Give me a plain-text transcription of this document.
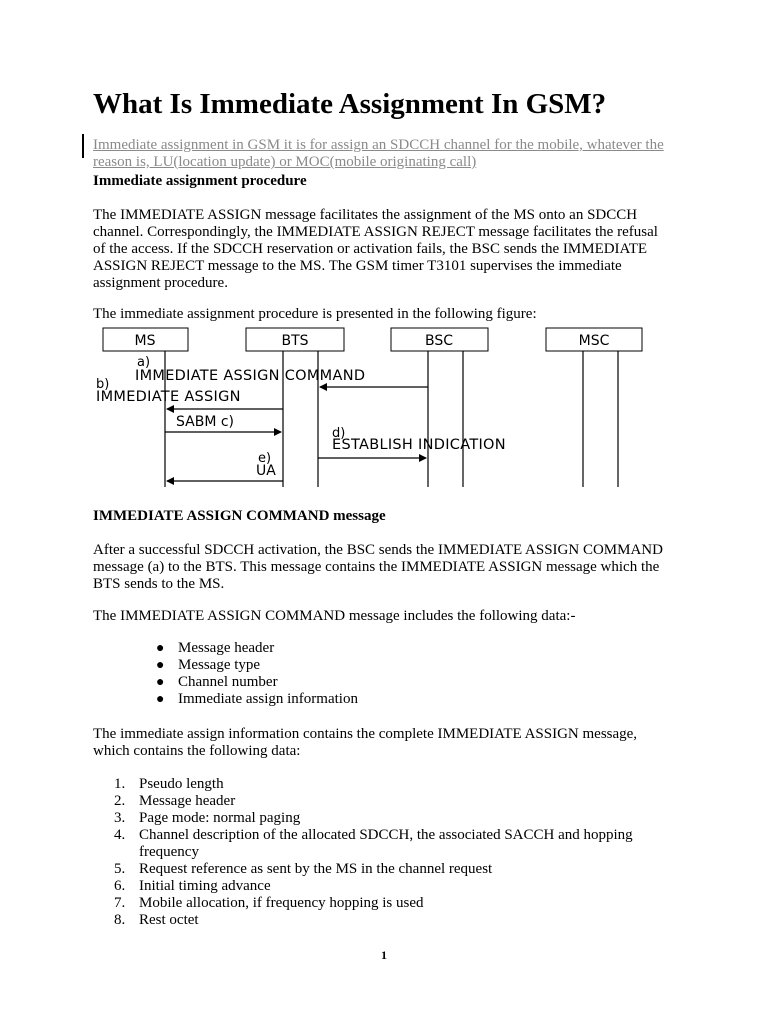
What Is Immediate Assignment In GSM?
Immediate assignment in GSM it is for assign an SDCCH channel for the mobile, whatever the reason is, LU(location update) or MOC(mobile originating call)
Immediate assignment procedure
The IMMEDIATE ASSIGN message facilitates the assignment of the MS onto an SDCCH channel. Correspondingly, the IMMEDIATE ASSIGN REJECT message facilitates the refusal of the access. If the SDCCH reservation or activation fails, the BSC sends the IMMEDIATE ASSIGN REJECT message to the MS. The GSM timer T3101 supervises the immediate assignment procedure.
The immediate assignment procedure is presented in the following figure:
MS	BTS	BSC	MSC
a)
IMMEDIATE ASSIGN COMMAND
b)
IMMEDIATE ASSIGN
SABM c)
d)
ESTABLISH INDICATION
e)
UA
IMMEDIATE ASSIGN COMMAND message
After a successful SDCCH activation, the BSC sends the IMMEDIATE ASSIGN COMMAND message (a) to the BTS. This message contains the IMMEDIATE ASSIGN message which the BTS sends to the MS.
The IMMEDIATE ASSIGN COMMAND message includes the following data:-
● Message header
● Message type
● Channel number
● Immediate assign information
The immediate assign information contains the complete IMMEDIATE ASSIGN message, which contains the following data:
1. Pseudo length
2. Message header
3. Page mode: normal paging
4. Channel description of the allocated SDCCH, the associated SACCH and hopping frequency
5. Request reference as sent by the MS in the channel request
6. Initial timing advance
7. Mobile allocation, if frequency hopping is used
8. Rest octet
1
